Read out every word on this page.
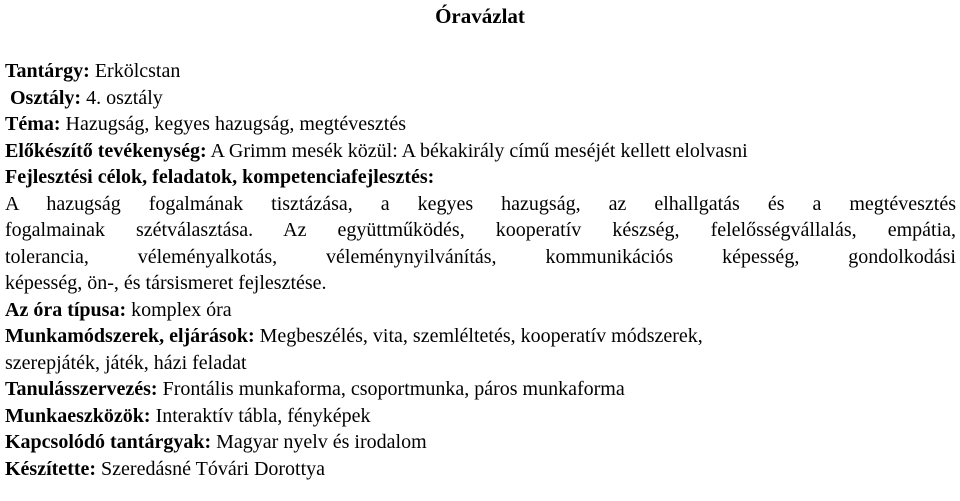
Óravázlat
Tantárgy: Erkölcstan
Osztály: 4. osztály
Téma: Hazugság, kegyes hazugság, megtévesztés
Előkészítő tevékenység: A Grimm mesék közül: A békakirály című meséjét kellett elolvasni
Fejlesztési célok, feladatok, kompetenciafejlesztés:
A hazugság fogalmának tisztázása, a kegyes hazugság, az elhallgatás és a megtévesztés
fogalmainak szétválasztása. Az együttműködés, kooperatív készség, felelősségvállalás, empátia,
tolerancia, véleményalkotás, véleménynyilvánítás, kommunikációs képesség, gondolkodási
képesség, ön-, és társismeret fejlesztése.
Az óra típusa: komplex óra
Munkamódszerek, eljárások: Megbeszélés, vita, szemléltetés, kooperatív módszerek,
szerepjáték, játék, házi feladat
Tanulásszervezés: Frontális munkaforma, csoportmunka, páros munkaforma
Munkaeszközök: Interaktív tábla, fényképek
Kapcsolódó tantárgyak: Magyar nyelv és irodalom
Készítette: Szeredásné Tóvári Dorottya
